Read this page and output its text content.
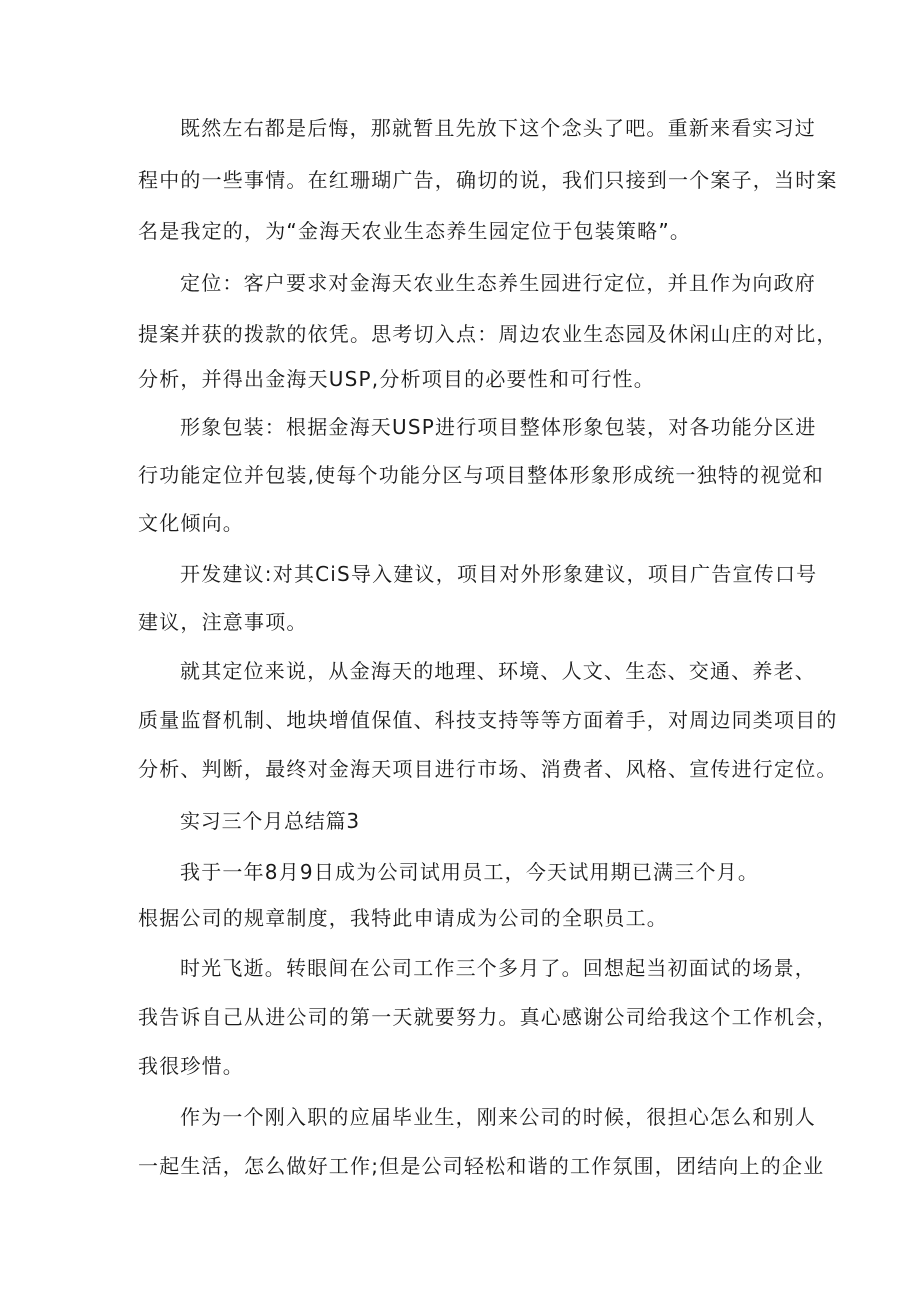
既然左右都是后悔，那就暂且先放下这个念头了吧。重新来看实习过

程中的一些事情。在红珊瑚广告，确切的说，我们只接到一个案子，当时案

名是我定的，为“金海天农业生态养生园定位于包装策略”。

定位：客户要求对金海天农业生态养生园进行定位，并且作为向政府

提案并获的拨款的依凭。思考切入点：周边农业生态园及休闲山庄的对比，

分析，并得出金海天USP,分析项目的必要性和可行性。

形象包装：根据金海天USP进行项目整体形象包装，对各功能分区进

行功能定位并包装,使每个功能分区与项目整体形象形成统一独特的视觉和

文化倾向。

开发建议:对其CiS导入建议，项目对外形象建议，项目广告宣传口号

建议，注意事项。

就其定位来说，从金海天的地理、环境、人文、生态、交通、养老、

质量监督机制、地块增值保值、科技支持等等方面着手，对周边同类项目的

分析、判断，最终对金海天项目进行市场、消费者、风格、宣传进行定位。

实习三个月总结篇3

我于一年8月9日成为公司试用员工，今天试用期已满三个月。

根据公司的规章制度，我特此申请成为公司的全职员工。

时光飞逝。转眼间在公司工作三个多月了。回想起当初面试的场景，

我告诉自己从进公司的第一天就要努力。真心感谢公司给我这个工作机会，

我很珍惜。

作为一个刚入职的应届毕业生，刚来公司的时候，很担心怎么和别人

一起生活，怎么做好工作;但是公司轻松和谐的工作氛围，团结向上的企业
